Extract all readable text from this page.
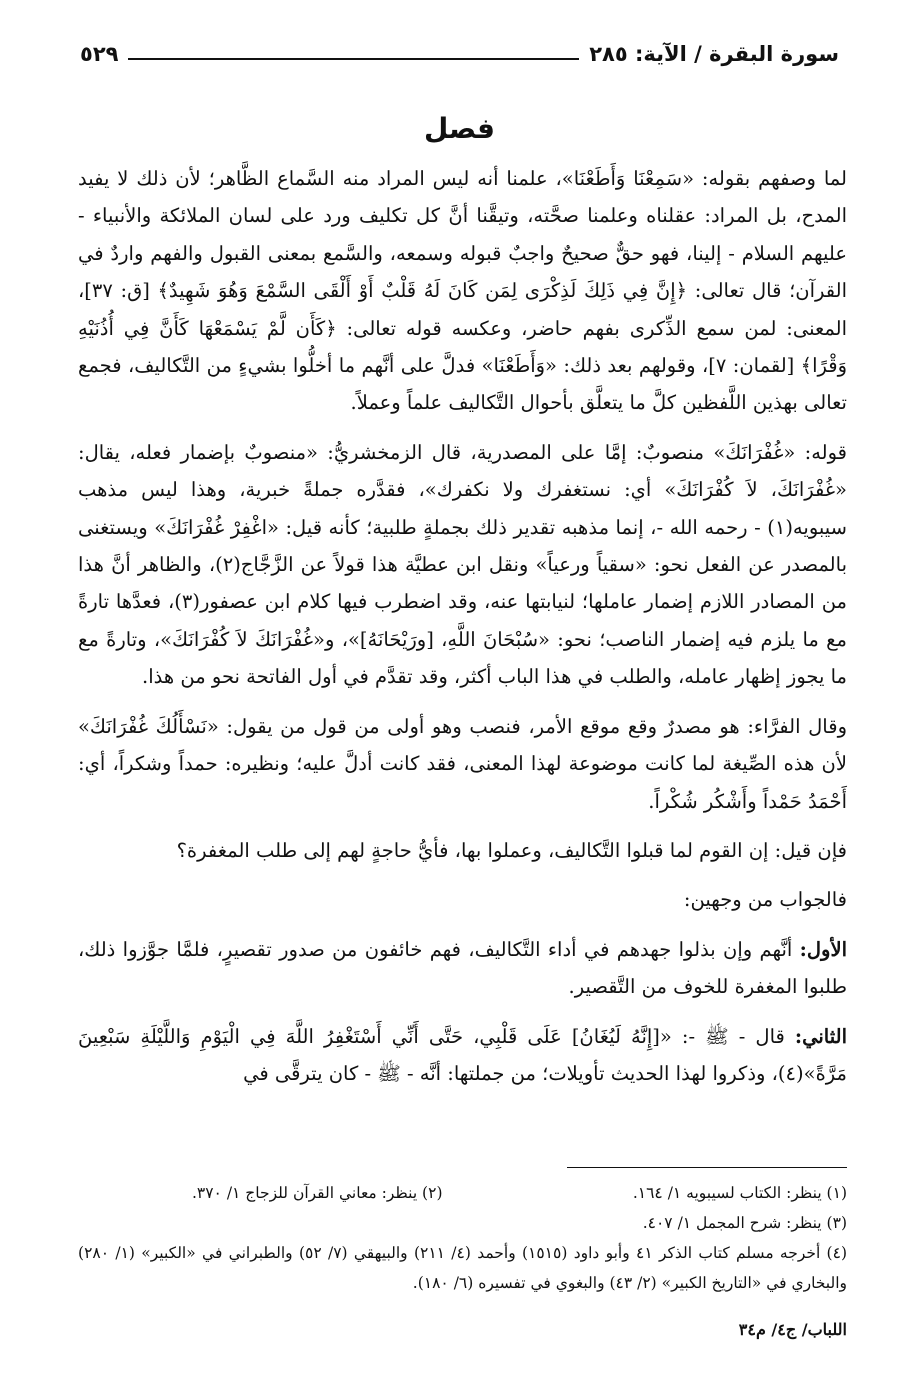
سورة البقرة / الآية: ٢٨٥
٥٢٩
فصل

لما وصفهم بقوله: «سَمِعْنَا وَأَطَعْنَا»، علمنا أنه ليس المراد منه السَّماع الظَّاهر؛ لأن ذلك لا يفيد المدح، بل المراد: عقلناه وعلمنا صحَّته، وتيقَّنا أنَّ كل تكليف ورد على لسان الملائكة والأنبياء - عليهم السلام - إلينا، فهو حقٌّ صحيحٌ واجبٌ قبوله وسمعه، والسَّمع بمعنى القبول والفهم واردٌ في القرآن؛ قال تعالى: ﴿إِنَّ فِي ذَلِكَ لَذِكْرَى لِمَن كَانَ لَهُ قَلْبٌ أَوْ أَلْقَى السَّمْعَ وَهُوَ شَهِيدٌ﴾ [ق: ٣٧]، المعنى: لمن سمع الذِّكرى بفهم حاضر، وعكسه قوله تعالى: ﴿كَأَن لَّمْ يَسْمَعْهَا كَأَنَّ فِي أُذُنَيْهِ وَقْرًا﴾ [لقمان: ٧]، وقولهم بعد ذلك: «وَأَطَعْنَا» فدلَّ على أنَّهم ما أخلُّوا بشيءٍ من التَّكاليف، فجمع تعالى بهذين اللَّفظين كلَّ ما يتعلَّق بأحوال التَّكاليف علماً وعملاً.

قوله: «غُفْرَانَكَ» منصوبٌ: إمَّا على المصدرية، قال الزمخشريُّ: «منصوبٌ بإضمار فعله، يقال: «غُفْرَانَكَ، لاَ كُفْرَانَكَ» أي: نستغفرك ولا نكفرك»، فقدَّره جملةً خبرية، وهذا ليس مذهب سيبويه(١) - رحمه الله -، إنما مذهبه تقدير ذلك بجملةٍ طلبية؛ كأنه قيل: «اغْفِرْ غُفْرَانَكَ» ويستغنى بالمصدر عن الفعل نحو: «سقياً ورعياً» ونقل ابن عطيَّة هذا قولاً عن الزَّجَّاج(٢)، والظاهر أنَّ هذا من المصادر اللازم إضمار عاملها؛ لنيابتها عنه، وقد اضطرب فيها كلام ابن عصفور(٣)، فعدَّها تارةً مع ما يلزم فيه إضمار الناصب؛ نحو: «سُبْحَانَ اللَّهِ، [ورَيْحَانَهُ]»، و«غُفْرَانَكَ لاَ كُفْرَانَكَ»، وتارةً مع ما يجوز إظهار عامله، والطلب في هذا الباب أكثر، وقد تقدَّم في أول الفاتحة نحو من هذا.

وقال الفرَّاء: هو مصدرٌ وقع موقع الأمر، فنصب وهو أولى من قول من يقول: «نَسْأَلُكَ غُفْرَانَكَ» لأن هذه الصِّيغة لما كانت موضوعة لهذا المعنى، فقد كانت أدلَّ عليه؛ ونظيره: حمداً وشكراً، أي: أَحْمَدُ حَمْداً وأَشْكُر شُكْراً.

فإن قيل: إن القوم لما قبلوا التَّكاليف، وعملوا بها، فأيُّ حاجةٍ لهم إلى طلب المغفرة؟

فالجواب من وجهين:

الأول: أنَّهم وإن بذلوا جهدهم في أداء التَّكاليف، فهم خائفون من صدور تقصيرٍ، فلمَّا جوَّزوا ذلك، طلبوا المغفرة للخوف من التَّقصير.

الثاني: قال - ﷺ -: «[إِنَّهُ لَيُغَانُ] عَلَى قَلْبِي، حَتَّى أَنِّي أَسْتَغْفِرُ اللَّهَ فِي الْيَوْمِ وَاللَّيْلَةِ سَبْعِينَ مَرَّةً»(٤)، وذكروا لهذا الحديث تأويلات؛ من جملتها: أنَّه - ﷺ - كان يترقَّى في

(١) ينظر: الكتاب لسيبويه ١/ ١٦٤.
(٢) ينظر: معاني القرآن للزجاج ١/ ٣٧٠.
(٣) ينظر: شرح المجمل ١/ ٤٠٧.
(٤) أخرجه مسلم كتاب الذكر ٤١ وأبو داود (١٥١٥) وأحمد (٤/ ٢١١) والبيهقي (٧/ ٥٢) والطبراني في «الكبير» (١/ ٢٨٠) والبخاري في «التاريخ الكبير» (٢/ ٤٣) والبغوي في تفسيره (٦/ ١٨٠).
اللباب/ ج٤/ م٣٤
